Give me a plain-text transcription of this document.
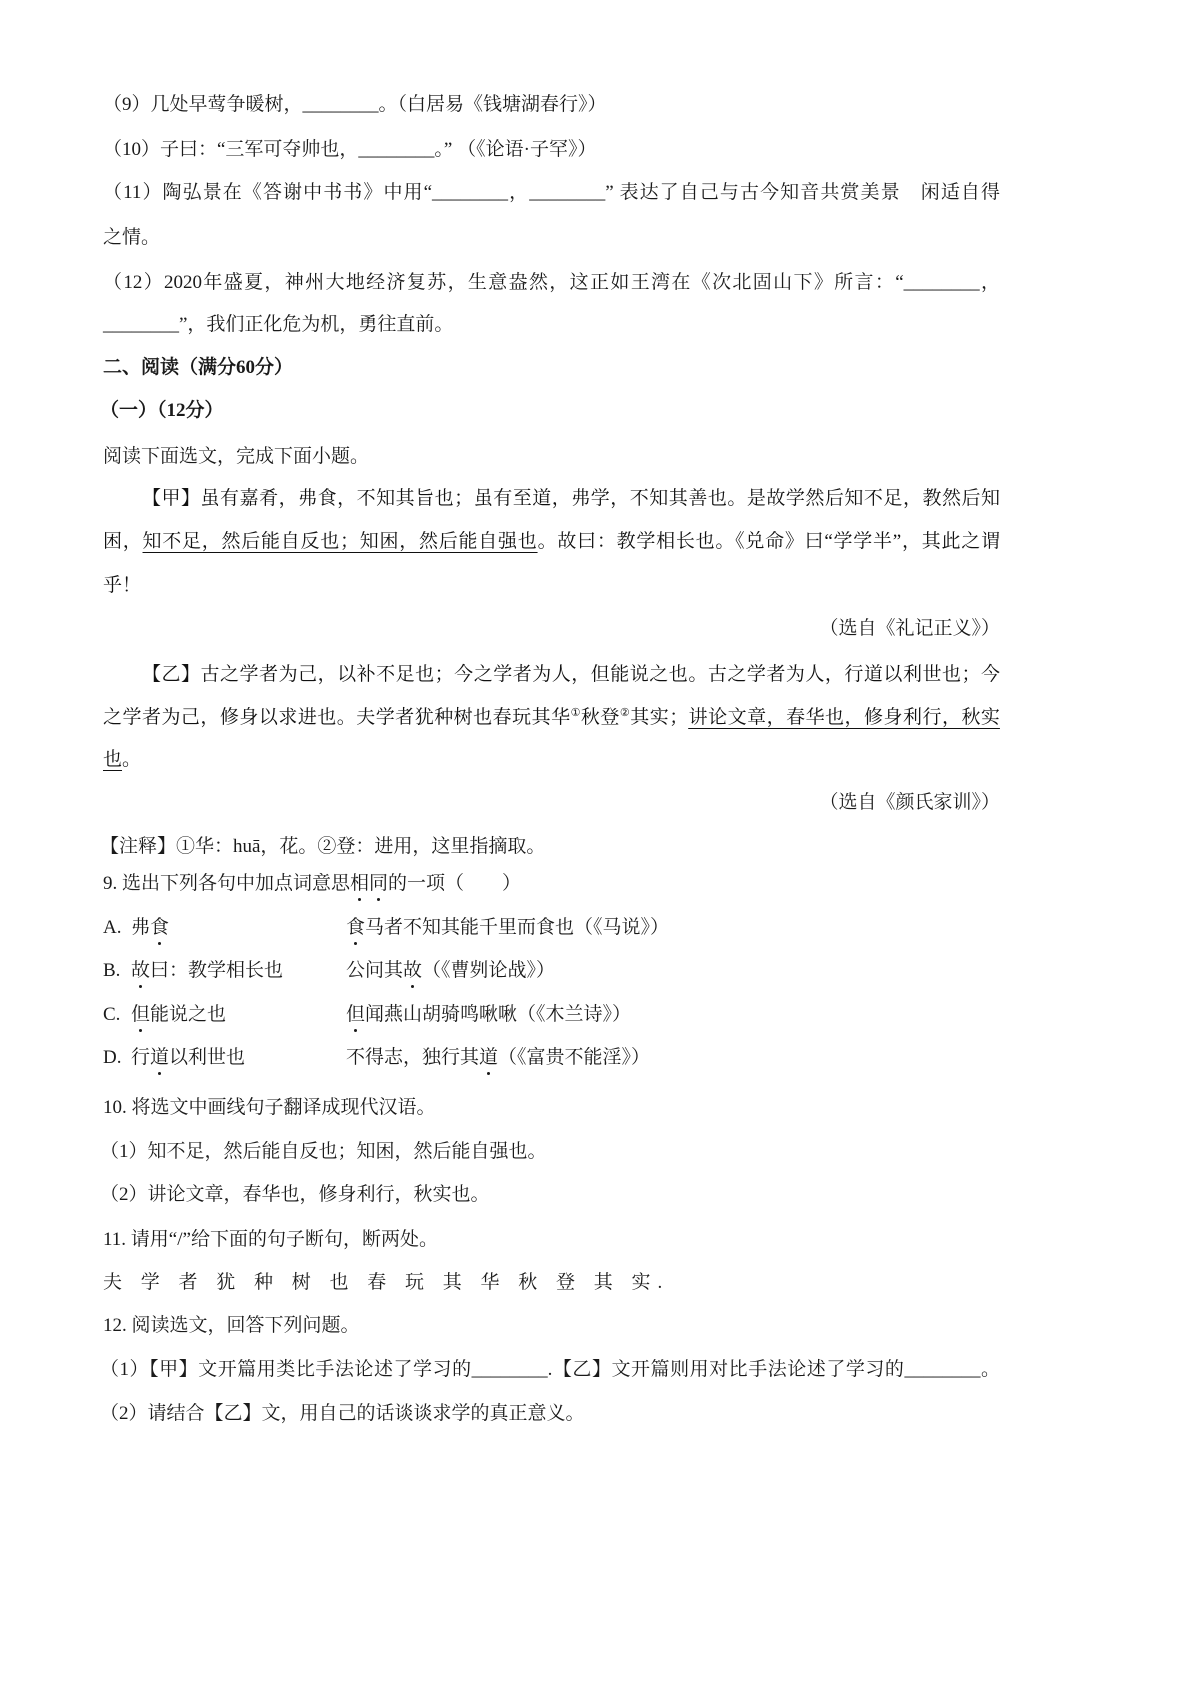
（9）几处早莺争暖树，________。（白居易《钱塘湖春行》）
（10）子曰：“三军可夺帅也，________。” （《论语·子罕》）
（11）陶弘景在《答谢中书书》中用“________，________” 表达了自己与古今知音共赏美景　闲适自得
之情。
（12）2020年盛夏，神州大地经济复苏，生意盎然，这正如王湾在《次北固山下》所言：“________，
________”，我们正化危为机，勇往直前。
二、阅读（满分60分）
（一）（12分）
阅读下面选文，完成下面小题。
【甲】虽有嘉肴，弗食，不知其旨也；虽有至道，弗学，不知其善也。是故学然后知不足，教然后知
困，知不足，然后能自反也；知困，然后能自强也。故曰：教学相长也。《兑命》曰“学学半”，其此之谓
乎！
（选自《礼记正义》）
【乙】古之学者为己，以补不足也；今之学者为人，但能说之也。古之学者为人，行道以利世也；今
之学者为己，修身以求进也。夫学者犹种树也春玩其华①秋登②其实；讲论文章，春华也，修身利行，秋实
也。
（选自《颜氏家训》）
【注释】①华：huā，花。②登：进用，这里指摘取。
9. 选出下列各句中加点词意思相同的一项（　　）
A. 弗食	食马者不知其能千里而食也（《马说》）
B. 故曰：教学相长也	公问其故（《曹刿论战》）
C. 但能说之也	但闻燕山胡骑鸣啾啾（《木兰诗》）
D. 行道以利世也	不得志，独行其道（《富贵不能淫》）
10. 将选文中画线句子翻译成现代汉语。
（1）知不足，然后能自反也；知困，然后能自强也。
（2）讲论文章，春华也，修身利行，秋实也。
11. 请用“/”给下面的句子断句，断两处。
夫 学 者 犹 种 树 也 春 玩 其 华 秋 登 其 实.
12. 阅读选文，回答下列问题。
（1）【甲】文开篇用类比手法论述了学习的________.【乙】文开篇则用对比手法论述了学习的________。
（2）请结合【乙】文，用自己的话谈谈求学的真正意义。
